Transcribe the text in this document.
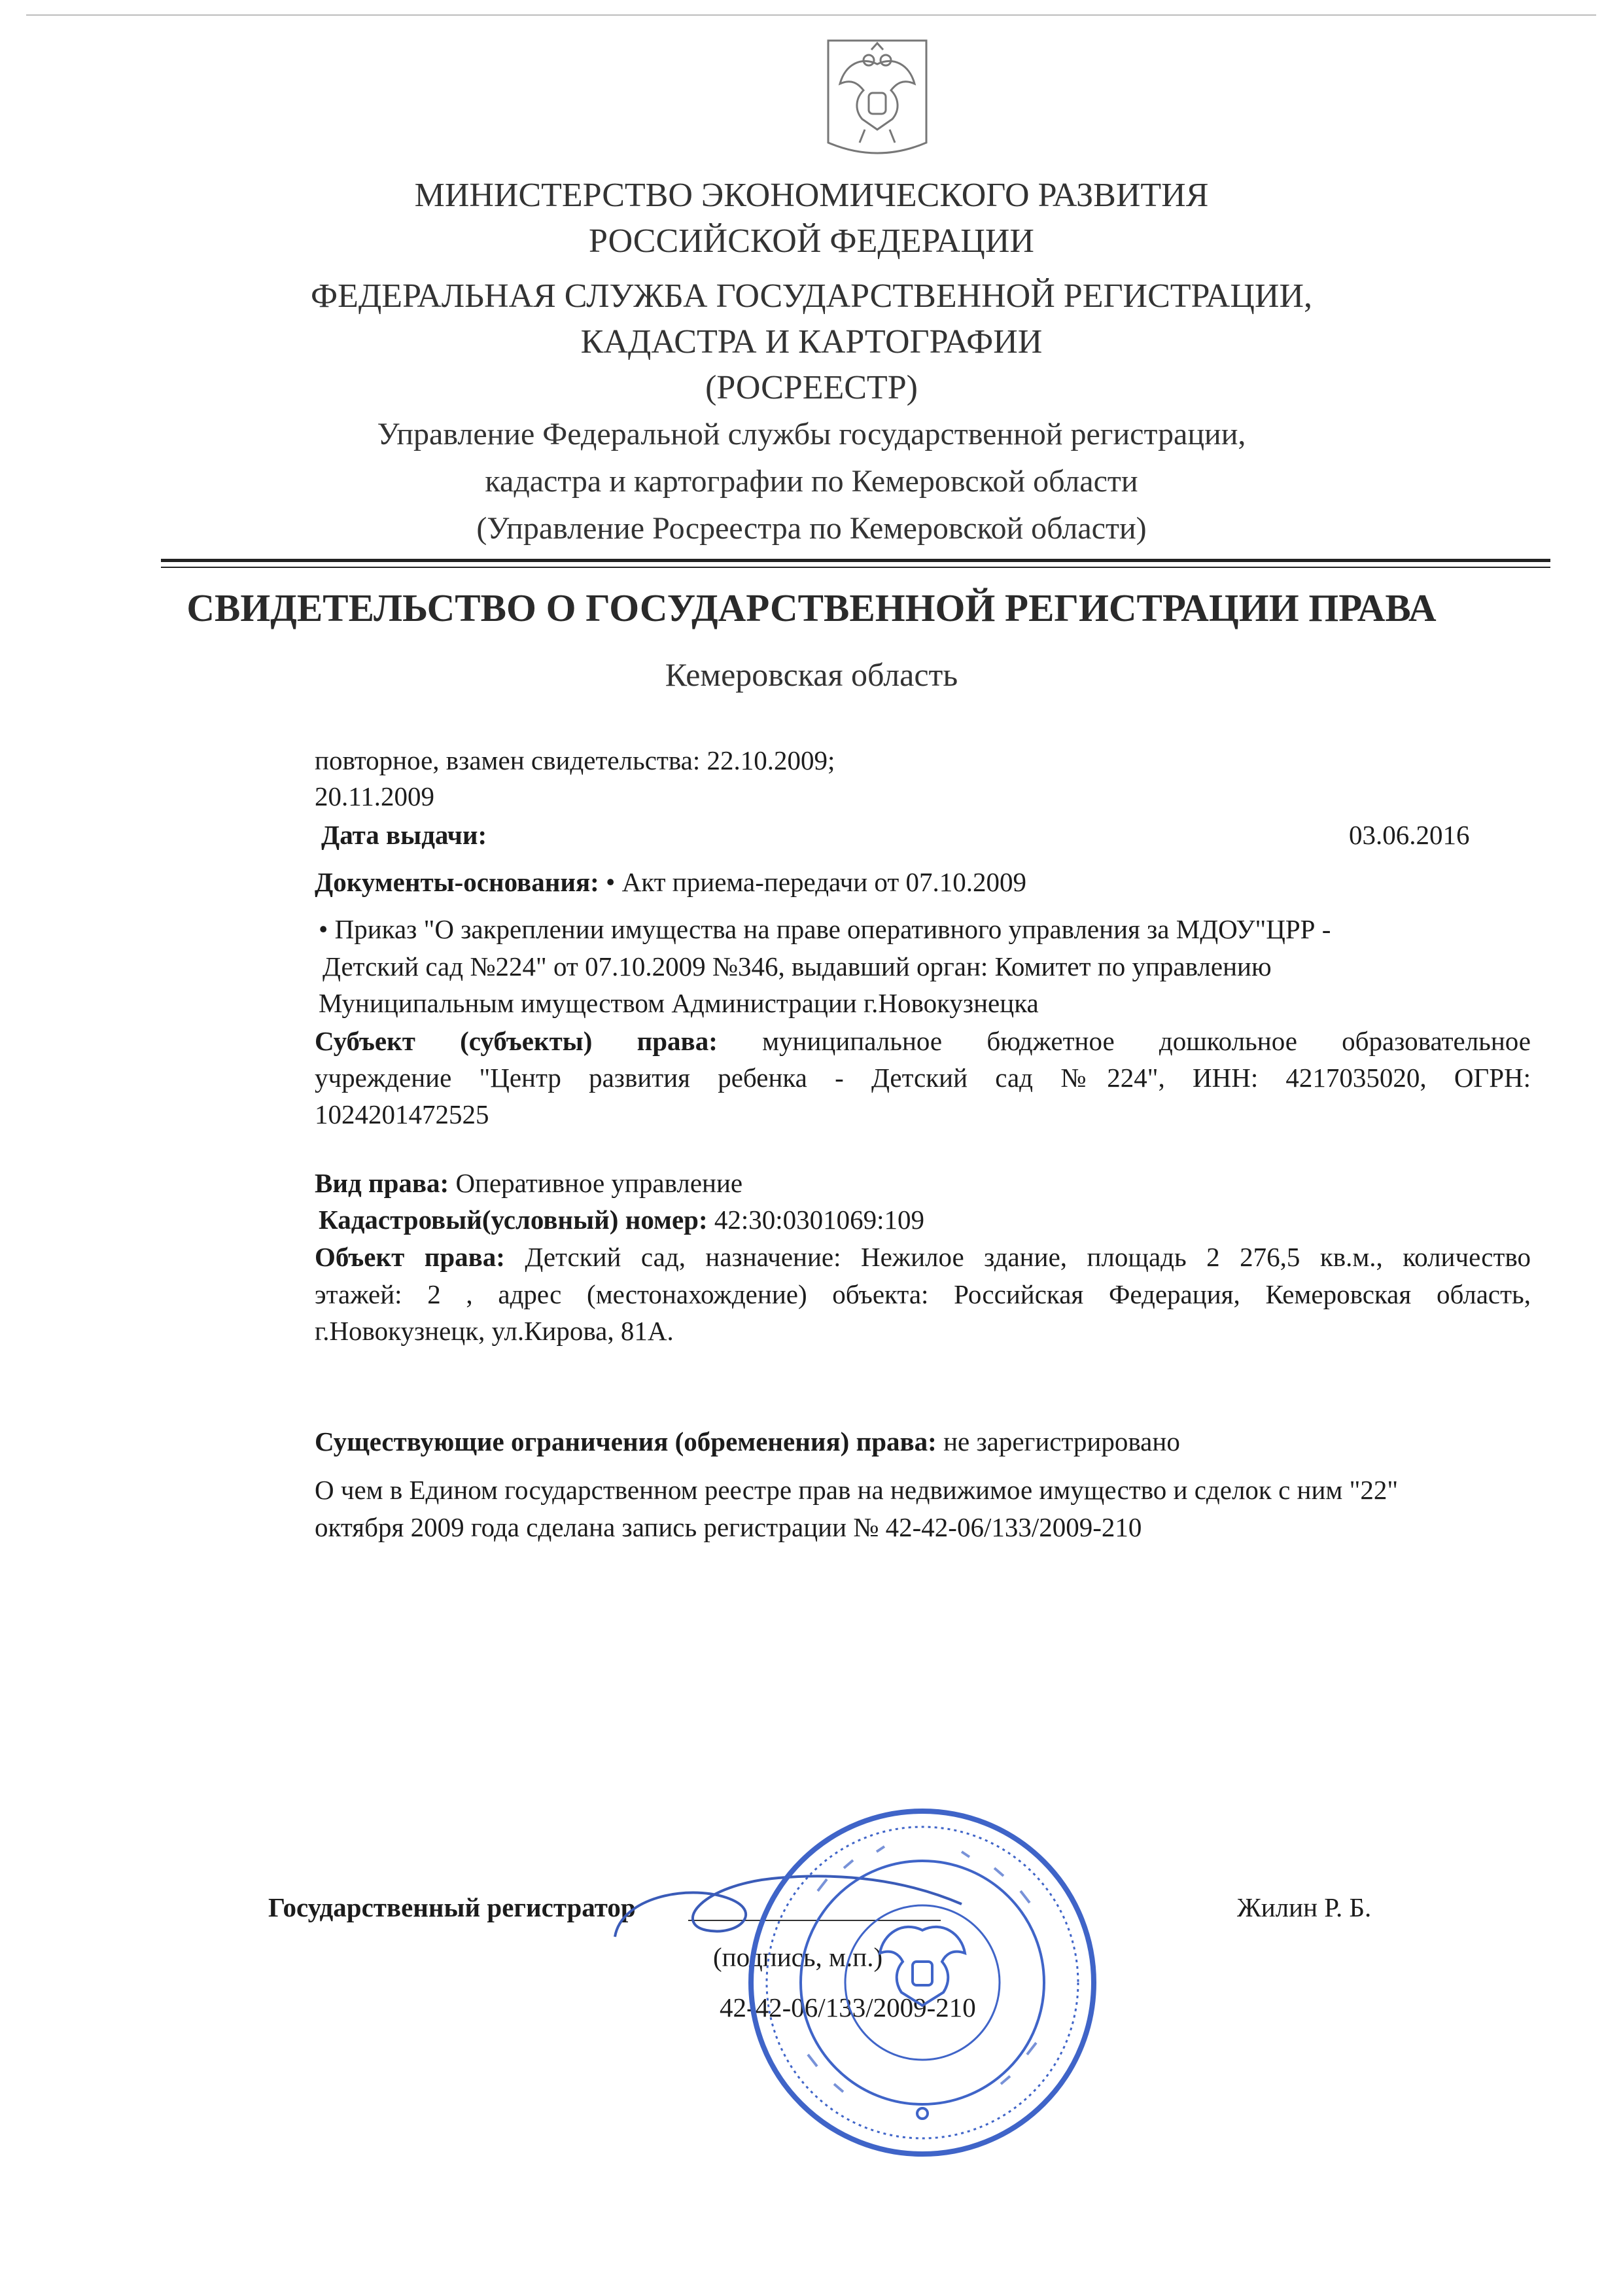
МИНИСТЕРСТВО ЭКОНОМИЧЕСКОГО РАЗВИТИЯ
РОССИЙСКОЙ ФЕДЕРАЦИИ
ФЕДЕРАЛЬНАЯ СЛУЖБА ГОСУДАРСТВЕННОЙ РЕГИСТРАЦИИ,
КАДАСТРА И КАРТОГРАФИИ
(РОСРЕЕСТР)
Управление Федеральной службы государственной регистрации,
кадастра и картографии по Кемеровской области
(Управление Росреестра по Кемеровской области)
СВИДЕТЕЛЬСТВО О ГОСУДАРСТВЕННОЙ РЕГИСТРАЦИИ ПРАВА
Кемеровская область
повторное, взамен свидетельства: 22.10.2009;
20.11.2009
Дата выдачи:	03.06.2016
Документы-основания: • Акт приема-передачи от 07.10.2009
• Приказ "О закреплении имущества на праве оперативного управления за МДОУ"ЦРР -
Детский сад №224" от 07.10.2009 №346, выдавший орган: Комитет по управлению
Муниципальным имуществом Администрации г.Новокузнецка
Субъект (субъекты) права: муниципальное бюджетное дошкольное образовательное
учреждение "Центр развития ребенка - Детский сад №224", ИНН: 4217035020, ОГРН:
1024201472525
Вид права: Оперативное управление
Кадастровый(условный) номер: 42:30:0301069:109
Объект права: Детский сад, назначение: Нежилое здание, площадь 2 276,5 кв.м., количество
этажей: 2 , адрес (местонахождение) объекта: Российская Федерация, Кемеровская область,
г.Новокузнецк, ул.Кирова, 81А.
Существующие ограничения (обременения) права: не зарегистрировано
О чем в Едином государственном реестре прав на недвижимое имущество и сделок с ним "22"
октября 2009 года сделана запись регистрации № 42-42-06/133/2009-210
Государственный регистратор	Жилин Р. Б.
(подпись, м.п.)
42-42-06/133/2009-210
